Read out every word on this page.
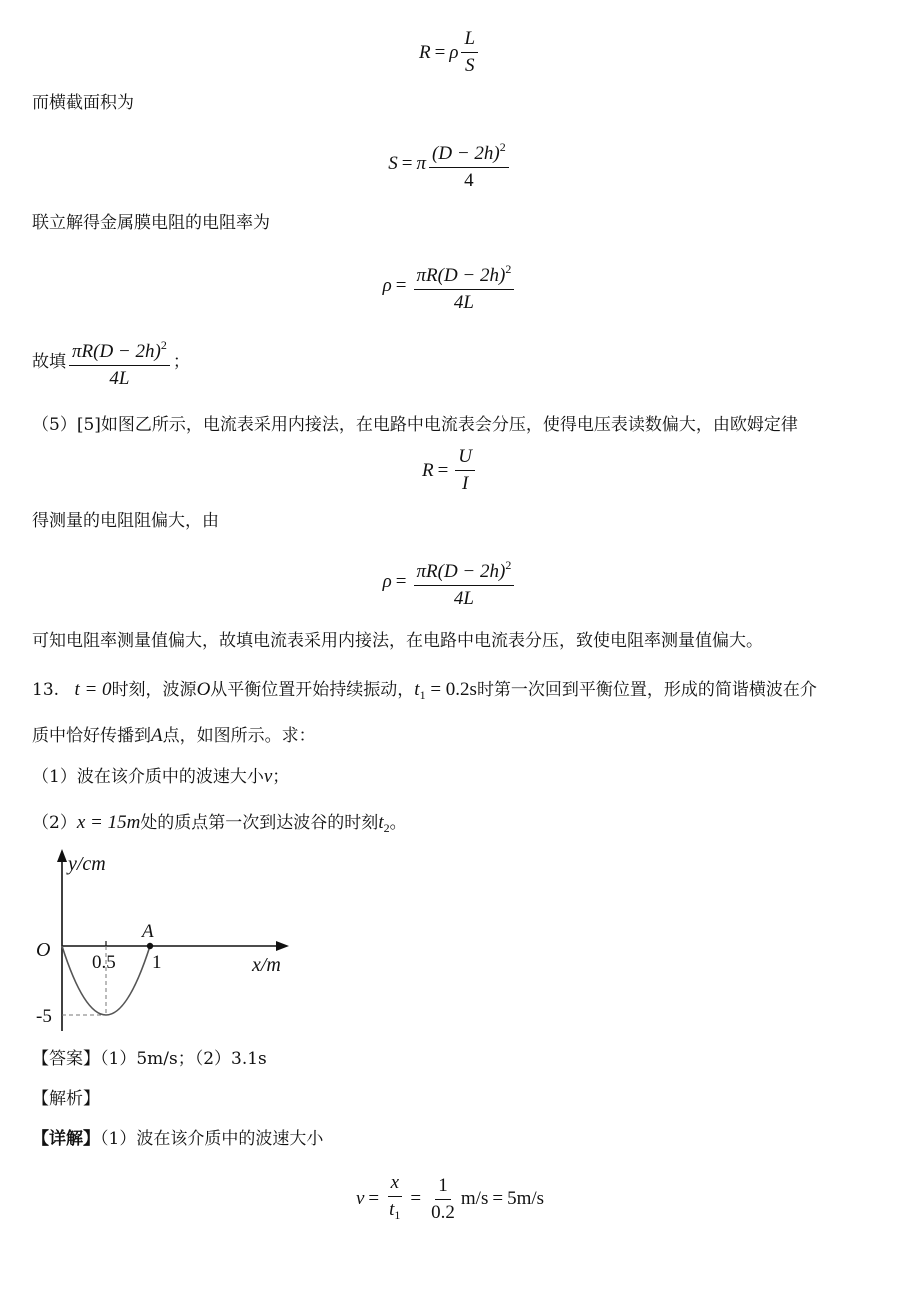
R = ρ $\frac{L}{S}$
而横截面积为
S = π $\frac{(D - 2h)^2}{4}$
联立解得金属膜电阻的电阻率为
$\rho = \frac{\pi R(D - 2h)^2}{4L}$
故填 $\frac{\pi R(D - 2h)^2}{4L}$ ；
（5）[5]如图乙所示，电流表采用内接法，在电路中电流表会分压，使得电压表读数偏大，由欧姆定律
$R = \frac{U}{I}$
得测量的电阻阻偏大，由
$\rho = \frac{\pi R(D - 2h)^2}{4L}$
可知电阻率测量值偏大，故填电流表采用内接法，在电路中电流表分压，致使电阻率测量值偏大。
13. t = 0时刻，波源O从平衡位置开始持续振动，$t_1 = 0.2s$时第一次回到平衡位置，形成的简谐横波在介
质中恰好传播到A点，如图所示。求：
（1）波在该介质中的波速大小v；
（2）x = 15m处的质点第一次到达波谷的时刻$t_2$。
y/cm
O
0.5 1
A
x/m
-5
【答案】（1）5m/s；（2）3.1s
【解析】
【详解】（1）波在该介质中的波速大小
$v = \frac{x}{t_1} = \frac{1}{0.2} m/s = 5m/s$
